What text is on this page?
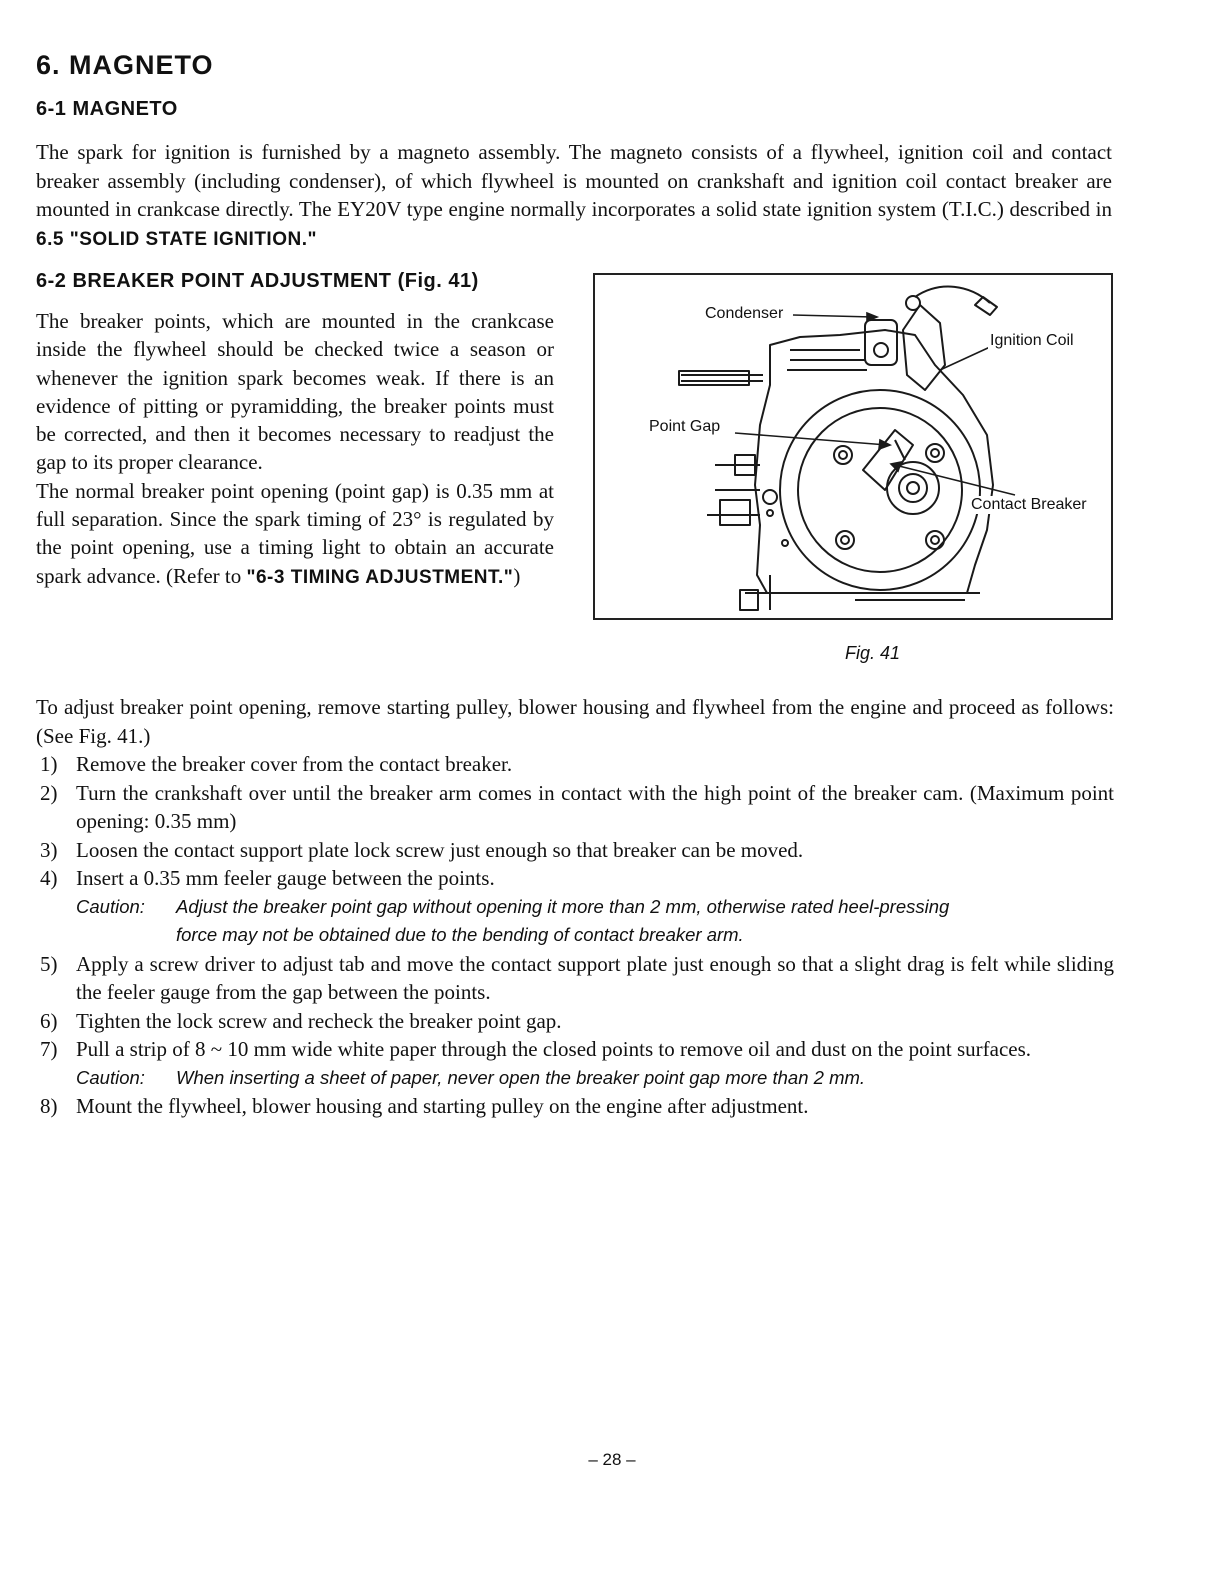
6. MAGNETO
6-1 MAGNETO
The spark for ignition is furnished by a magneto assembly. The magneto consists of a flywheel, ignition coil and contact breaker assembly (including condenser), of which flywheel is mounted on crankshaft and ignition coil contact breaker are mounted in crankcase directly. The EY20V type engine normally incorporates a solid state ignition system (T.I.C.) described in 6.5 "SOLID STATE IGNITION."
6-2 BREAKER POINT ADJUSTMENT (Fig. 41)

The breaker points, which are mounted in the crankcase inside the flywheel should be checked twice a season or whenever the ignition spark becomes weak. If there is an evidence of pitting or pyramidding, the breaker points must be corrected, and then it becomes necessary to readjust the gap to its proper clearance.

The normal breaker point opening (point gap) is 0.35 mm at full separation. Since the spark timing of 23° is regulated by the point opening, use a timing light to obtain an accurate spark advance. (Refer to "6-3 TIMING ADJUSTMENT.")

Condenser
Ignition Coil
Point Gap
Contact Breaker
Fig. 41
To adjust breaker point opening, remove starting pulley, blower housing and flywheel from the engine and proceed as follows: (See Fig. 41.)
1) Remove the breaker cover from the contact breaker.
2) Turn the crankshaft over until the breaker arm comes in contact with the high point of the breaker cam. (Maximum point opening: 0.35 mm)
3) Loosen the contact support plate lock screw just enough so that breaker can be moved.
4) Insert a 0.35 mm feeler gauge between the points.
Caution: Adjust the breaker point gap without opening it more than 2 mm, otherwise rated heel-pressing
force may not be obtained due to the bending of contact breaker arm.
5) Apply a screw driver to adjust tab and move the contact support plate just enough so that a slight drag is felt while sliding the feeler gauge from the gap between the points.
6) Tighten the lock screw and recheck the breaker point gap.
7) Pull a strip of 8 ~ 10 mm wide white paper through the closed points to remove oil and dust on the point surfaces.
Caution: When inserting a sheet of paper, never open the breaker point gap more than 2 mm.
8) Mount the flywheel, blower housing and starting pulley on the engine after adjustment.
– 28 –
